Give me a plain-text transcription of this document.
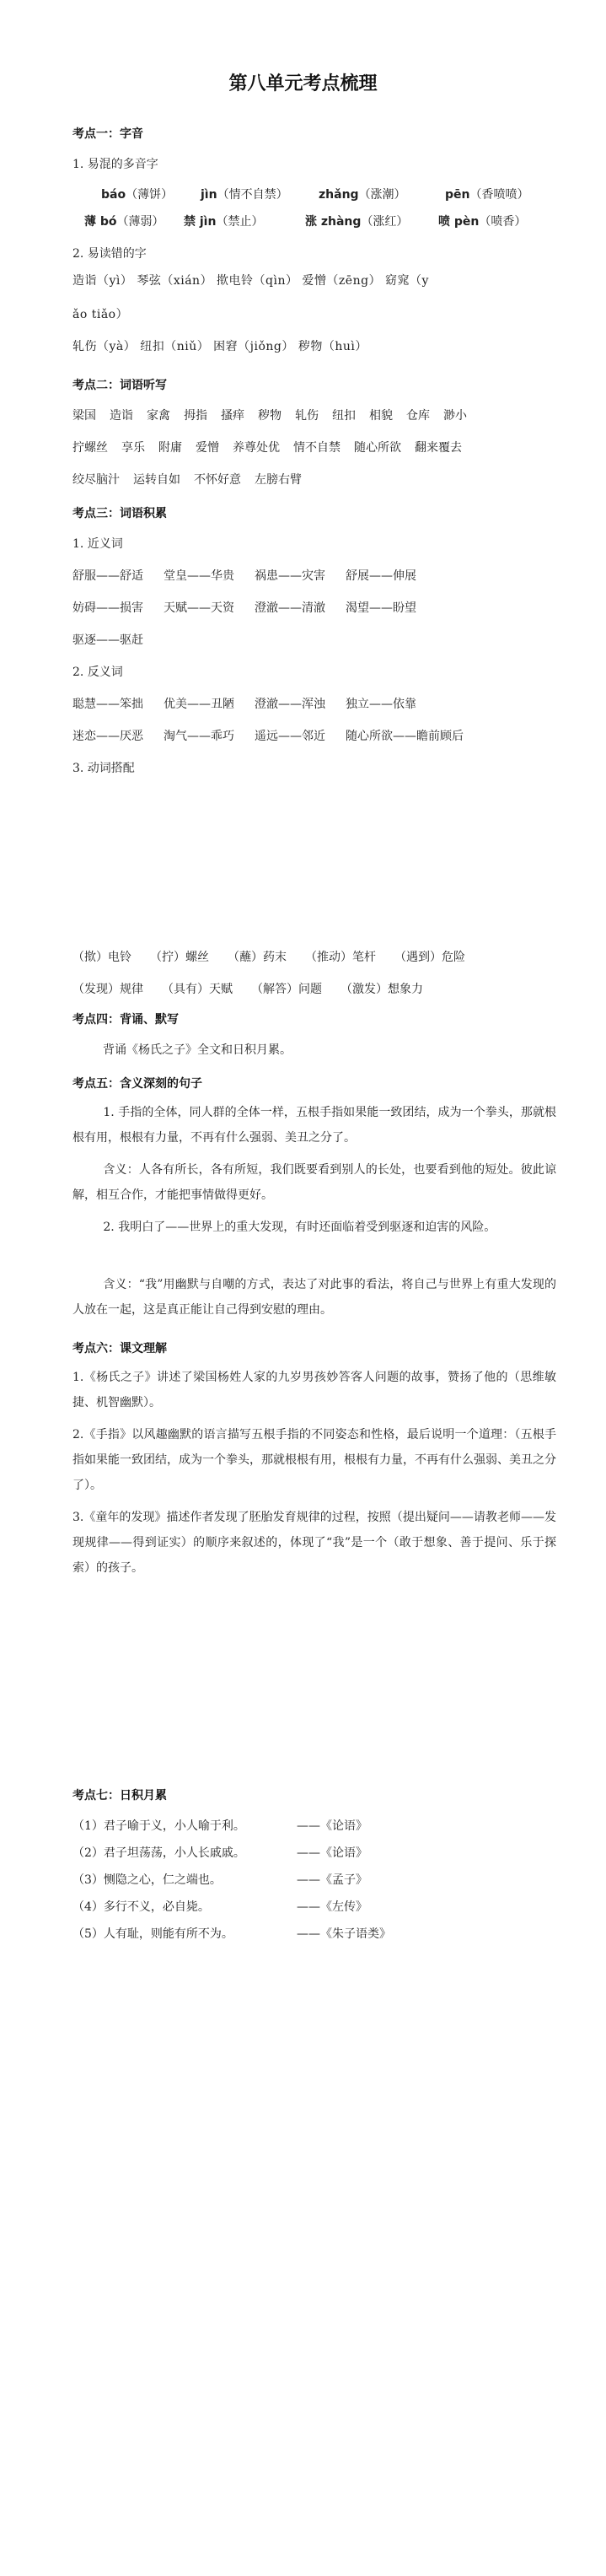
第八单元考点梳理
考点一：字音

1. 易混的多音字

báo（薄饼） jìn（情不自禁）	zhǎng（涨潮）	pēn（香喷喷）
薄 bó（薄弱） 禁 jìn（禁止）	涨 zhàng（涨红）	喷 pèn（喷香）

2. 易读错的字

造诣（yì） 琴弦（xián） 揿电铃（qìn） 爱憎（zēng） 窈窕（y

ǎo tiǎo）

轧伤（yà） 纽扣（niǔ） 困窘（jiǒng） 秽物（huì）

考点二：词语听写
梁国 造诣 家禽 拇指 搔痒 秽物 轧伤 纽扣 相貌 仓库 渺小
拧螺丝 享乐 附庸 爱憎 养尊处优 情不自禁 随心所欲 翻来覆去
绞尽脑汁 运转自如 不怀好意 左膀右臂
考点三：词语积累

1. 近义词

舒服——舒适 堂皇——华贵 祸患——灾害 舒展——伸展
妨碍——损害 天赋——天资 澄澈——清澈 渴望——盼望
驱逐——驱赶

2. 反义词

聪慧——笨拙 优美——丑陋 澄澈——浑浊 独立——依靠
迷恋——厌恶 淘气——乖巧 遥远——邻近 随心所欲——瞻前顾后

3. 动词搭配

（揿）电铃 （拧）螺丝 （蘸）药末 （推动）笔杆 （遇到）危险
（发现）规律 （具有）天赋 （解答）问题 （激发）想象力
考点四：背诵、默写

背诵《杨氏之子》全文和日积月累。

考点五：含义深刻的句子

1. 手指的全体，同人群的全体一样，五根手指如果能一致团结，成为一个拳头，那就根根有用，根根有力量，不再有什么强弱、美丑之分了。

含义：人各有所长，各有所短，我们既要看到别人的长处，也要看到他的短处。彼此谅解，相互合作，才能把事情做得更好。

2. 我明白了——世界上的重大发现，有时还面临着受到驱逐和迫害的风险。

含义：“我”用幽默与自嘲的方式，表达了对此事的看法，将自己与世界上有重大发现的人放在一起，这是真正能让自己得到安慰的理由。

考点六：课文理解

1.《杨氏之子》讲述了梁国杨姓人家的九岁男孩妙答客人问题的故事，赞扬了他的（思维敏捷、机智幽默）。

2.《手指》以风趣幽默的语言描写五根手指的不同姿态和性格，最后说明一个道理：（五根手指如果能一致团结，成为一个拳头，那就根根有用，根根有力量，不再有什么强弱、美丑之分了）。

3.《童年的发现》描述作者发现了胚胎发育规律的过程，按照（提出疑问——请教老师——发现规律——得到证实）的顺序来叙述的，体现了“我”是一个（敢于想象、善于提问、乐于探索）的孩子。

考点七：日积月累
（1）君子喻于义，小人喻于利。	——《论语》
（2）君子坦荡荡，小人长戚戚。	——《论语》
（3）恻隐之心，仁之端也。	——《孟子》
（4）多行不义，必自毙。	——《左传》
（5）人有耻，则能有所不为。	——《朱子语类》
